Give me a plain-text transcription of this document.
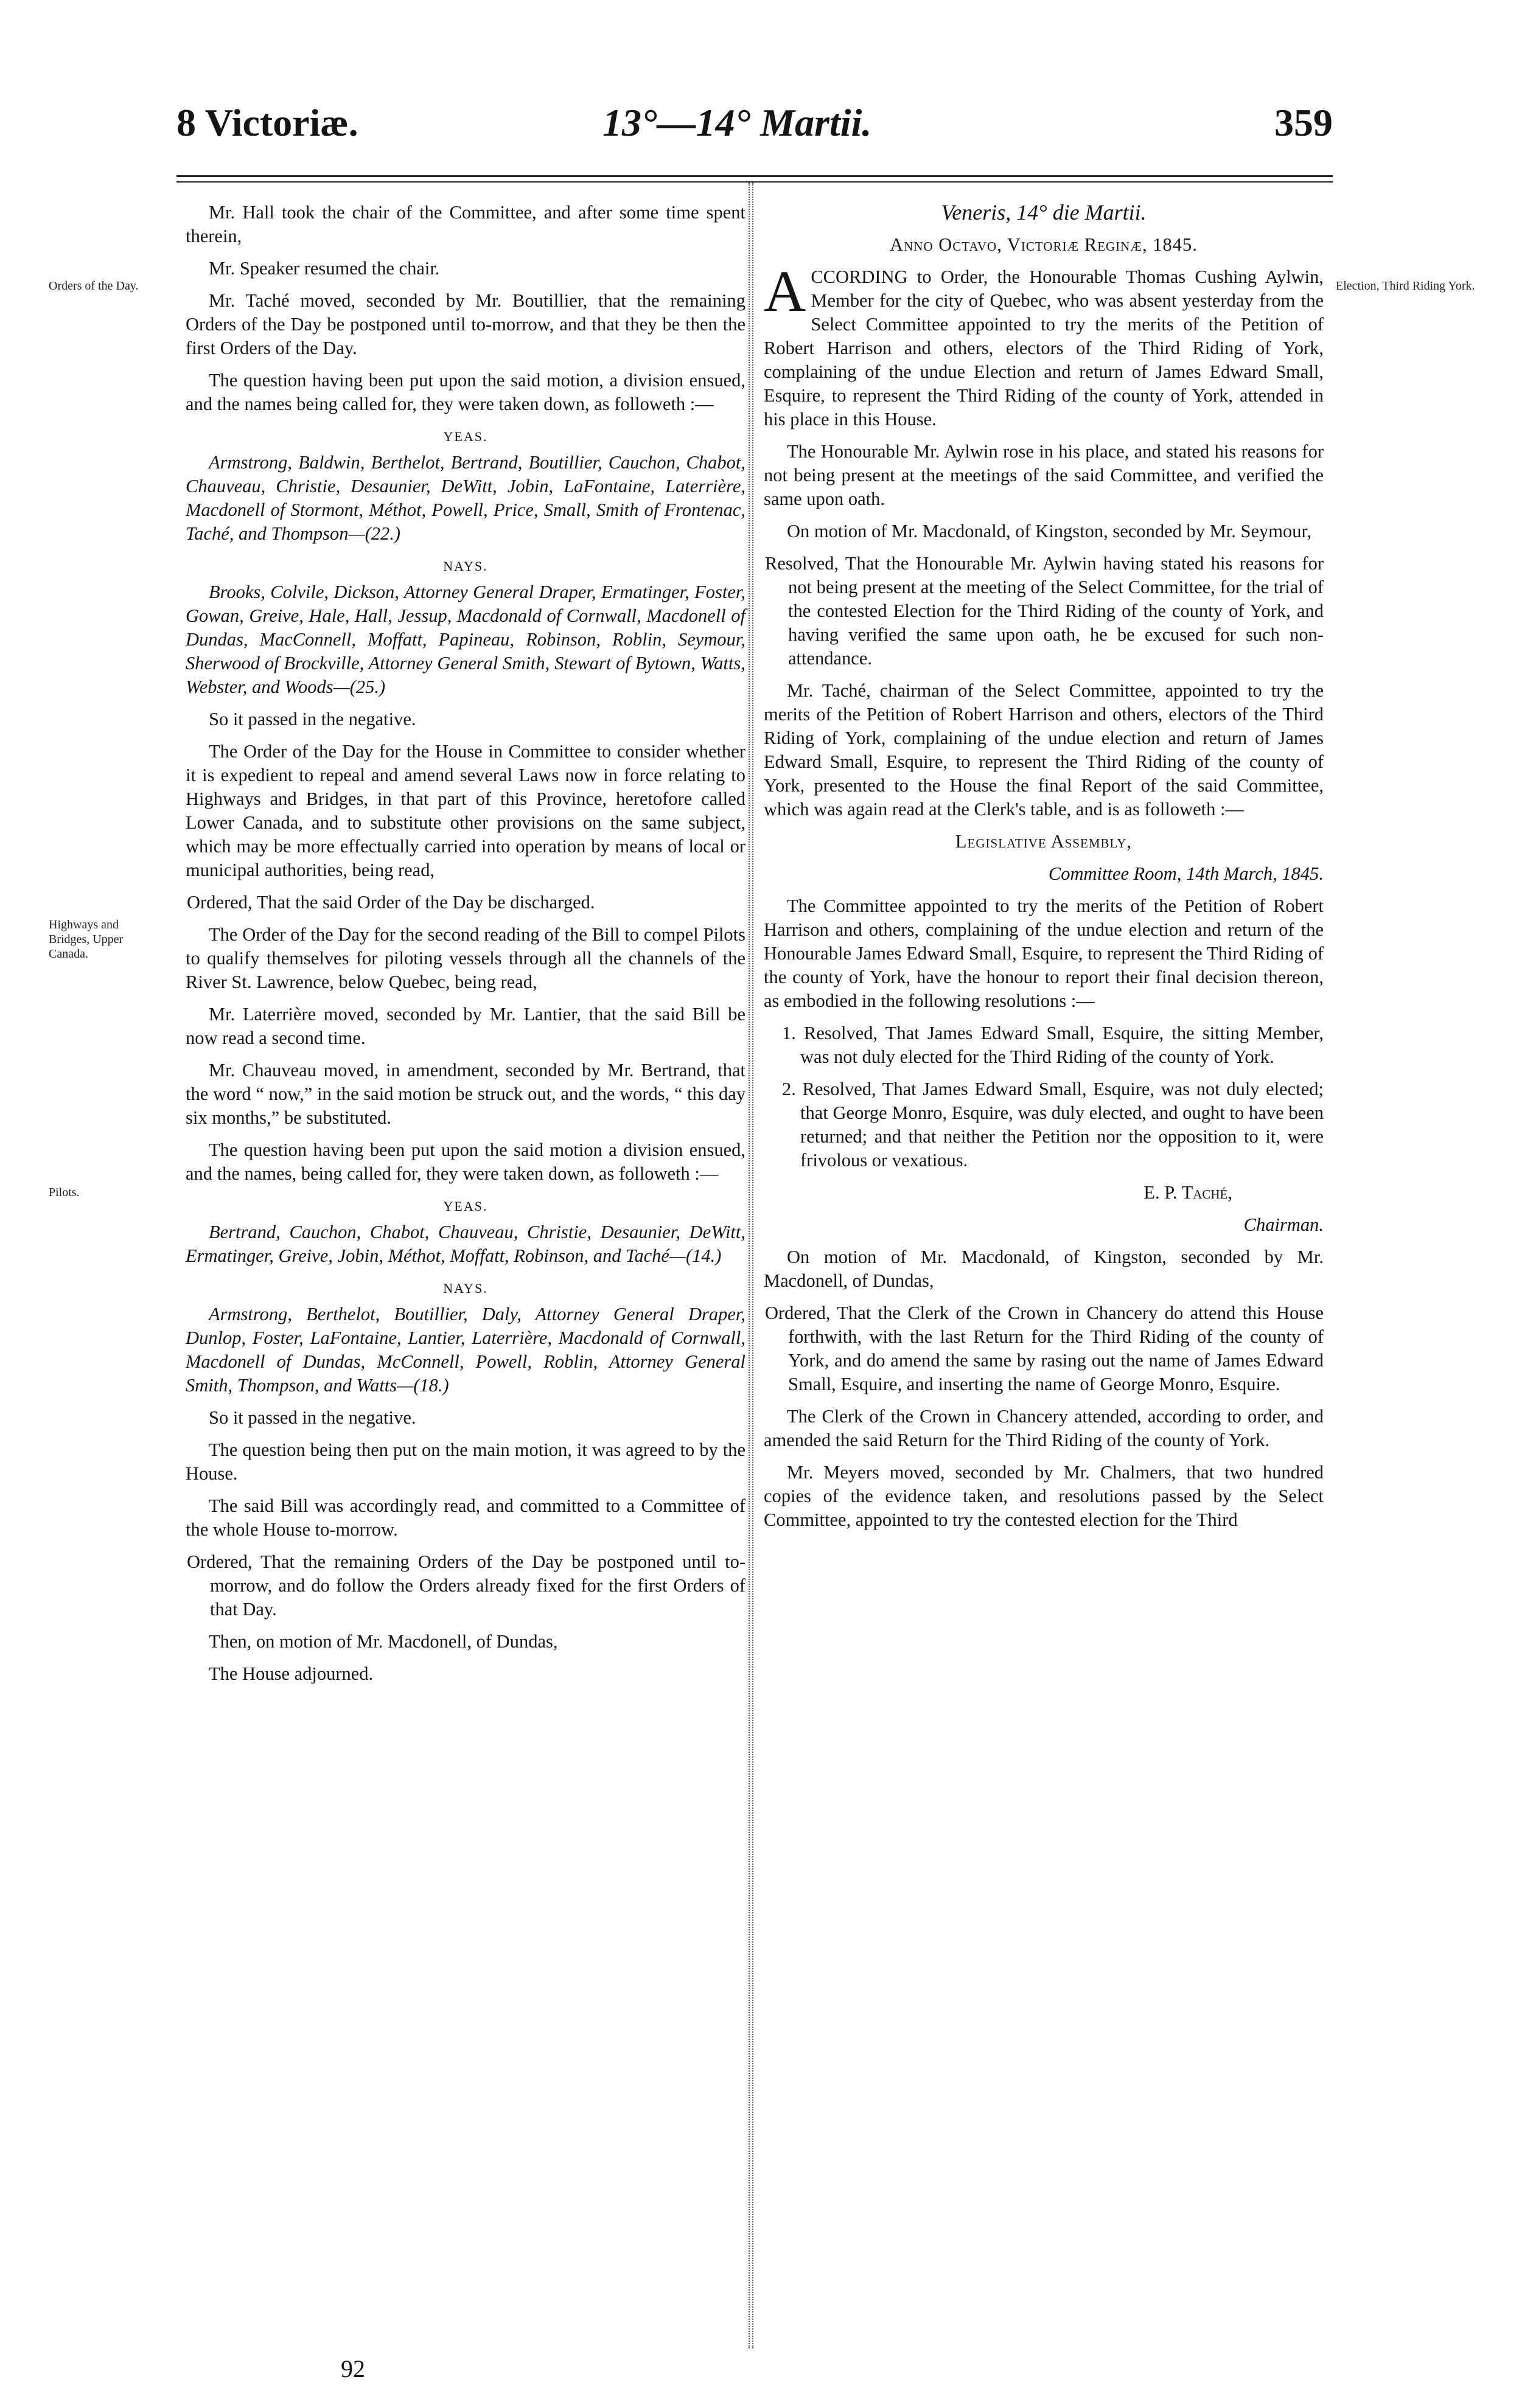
8 Victoriæ.	13°—14° Martii.	359
Orders of the Day.
Highways and Bridges, Upper Canada.
Pilots.
Election, Third Riding York.

Mr. Hall took the chair of the Committee, and after some time spent therein,

Mr. Speaker resumed the chair.

Mr. Taché moved, seconded by Mr. Boutillier, that the remaining Orders of the Day be postponed until to-morrow, and that they be then the first Orders of the Day.

The question having been put upon the said motion, a division ensued, and the names being called for, they were taken down, as followeth :—

YEAS.

Armstrong, Baldwin, Berthelot, Bertrand, Boutillier, Cauchon, Chabot, Chauveau, Christie, Desaunier, DeWitt, Jobin, LaFontaine, Laterrière, Macdonell of Stormont, Méthot, Powell, Price, Small, Smith of Frontenac, Taché, and Thompson—(22.)

NAYS.

Brooks, Colvile, Dickson, Attorney General Draper, Ermatinger, Foster, Gowan, Greive, Hale, Hall, Jessup, Macdonald of Cornwall, Macdonell of Dundas, MacConnell, Moffatt, Papineau, Robinson, Roblin, Seymour, Sherwood of Brockville, Attorney General Smith, Stewart of Bytown, Watts, Webster, and Woods—(25.)

So it passed in the negative.

The Order of the Day for the House in Committee to consider whether it is expedient to repeal and amend several Laws now in force relating to Highways and Bridges, in that part of this Province, heretofore called Lower Canada, and to substitute other provisions on the same subject, which may be more effectually carried into operation by means of local or municipal authorities, being read,

Ordered, That the said Order of the Day be discharged.

The Order of the Day for the second reading of the Bill to compel Pilots to qualify themselves for piloting vessels through all the channels of the River St. Lawrence, below Quebec, being read,

Mr. Laterrière moved, seconded by Mr. Lantier, that the said Bill be now read a second time.

Mr. Chauveau moved, in amendment, seconded by Mr. Bertrand, that the word “ now,” in the said motion be struck out, and the words, “ this day six months,” be substituted.

The question having been put upon the said motion a division ensued, and the names, being called for, they were taken down, as followeth :—

YEAS.

Bertrand, Cauchon, Chabot, Chauveau, Christie, Desaunier, DeWitt, Ermatinger, Greive, Jobin, Méthot, Moffatt, Robinson, and Taché—(14.)

NAYS.

Armstrong, Berthelot, Boutillier, Daly, Attorney General Draper, Dunlop, Foster, LaFontaine, Lantier, Laterrière, Macdonald of Cornwall, Macdonell of Dundas, McConnell, Powell, Roblin, Attorney General Smith, Thompson, and Watts—(18.)

So it passed in the negative.

The question being then put on the main motion, it was agreed to by the House.

The said Bill was accordingly read, and committed to a Committee of the whole House to-morrow.

Ordered, That the remaining Orders of the Day be postponed until to-morrow, and do follow the Orders already fixed for the first Orders of that Day.

Then, on motion of Mr. Macdonell, of Dundas,

The House adjourned.

Veneris, 14° die Martii.

Anno Octavo, Victoriæ Reginæ, 1845.

ACCORDING to Order, the Honourable Thomas Cushing Aylwin, Member for the city of Quebec, who was absent yesterday from the Select Committee appointed to try the merits of the Petition of Robert Harrison and others, electors of the Third Riding of York, complaining of the undue Election and return of James Edward Small, Esquire, to represent the Third Riding of the county of York, attended in his place in this House.

The Honourable Mr. Aylwin rose in his place, and stated his reasons for not being present at the meetings of the said Committee, and verified the same upon oath.

On motion of Mr. Macdonald, of Kingston, seconded by Mr. Seymour,

Resolved, That the Honourable Mr. Aylwin having stated his reasons for not being present at the meeting of the Select Committee, for the trial of the contested Election for the Third Riding of the county of York, and having verified the same upon oath, he be excused for such non-attendance.

Mr. Taché, chairman of the Select Committee, appointed to try the merits of the Petition of Robert Harrison and others, electors of the Third Riding of York, complaining of the undue election and return of James Edward Small, Esquire, to represent the Third Riding of the county of York, presented to the House the final Report of the said Committee, which was again read at the Clerk's table, and is as followeth :—

Legislative Assembly,

Committee Room, 14th March, 1845.

The Committee appointed to try the merits of the Petition of Robert Harrison and others, complaining of the undue election and return of the Honourable James Edward Small, Esquire, to represent the Third Riding of the county of York, have the honour to report their final decision thereon, as embodied in the following resolutions :—

1. Resolved, That James Edward Small, Esquire, the sitting Member, was not duly elected for the Third Riding of the county of York.

2. Resolved, That James Edward Small, Esquire, was not duly elected; that George Monro, Esquire, was duly elected, and ought to have been returned; and that neither the Petition nor the opposition to it, were frivolous or vexatious.

E. P. Taché,

Chairman.

On motion of Mr. Macdonald, of Kingston, seconded by Mr. Macdonell, of Dundas,

Ordered, That the Clerk of the Crown in Chancery do attend this House forthwith, with the last Return for the Third Riding of the county of York, and do amend the same by rasing out the name of James Edward Small, Esquire, and inserting the name of George Monro, Esquire.

The Clerk of the Crown in Chancery attended, according to order, and amended the said Return for the Third Riding of the county of York.

Mr. Meyers moved, seconded by Mr. Chalmers, that two hundred copies of the evidence taken, and resolutions passed by the Select Committee, appointed to try the contested election for the Third

92
